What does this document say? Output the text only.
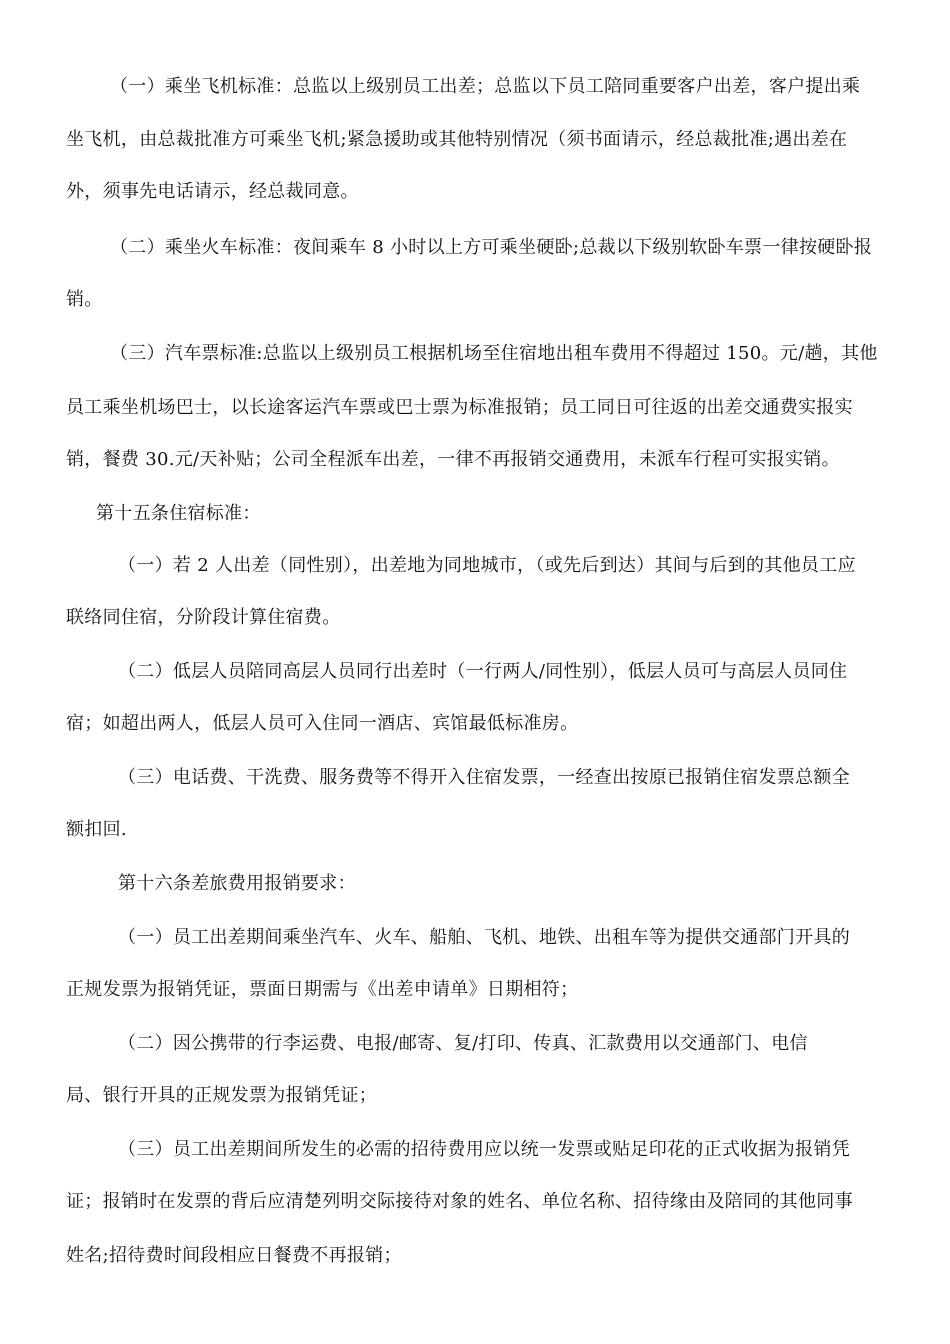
（一）乘坐飞机标准：总监以上级别员工出差；总监以下员工陪同重要客户出差，客户提出乘
坐飞机，由总裁批准方可乘坐飞机;紧急援助或其他特别情况（须书面请示，经总裁批准;遇出差在
外，须事先电话请示，经总裁同意。
（二）乘坐火车标准：夜间乘车 8 小时以上方可乘坐硬卧;总裁以下级别软卧车票一律按硬卧报
销。
（三）汽车票标准:总监以上级别员工根据机场至住宿地出租车费用不得超过 150。元/趟，其他
员工乘坐机场巴士，以长途客运汽车票或巴士票为标准报销；员工同日可往返的出差交通费实报实
销，餐费 30.元/天补贴；公司全程派车出差，一律不再报销交通费用，未派车行程可实报实销。
第十五条住宿标准：
（一）若 2 人出差（同性别），出差地为同地城市，（或先后到达）其间与后到的其他员工应
联络同住宿，分阶段计算住宿费。
（二）低层人员陪同高层人员同行出差时（一行两人/同性别），低层人员可与高层人员同住
宿；如超出两人，低层人员可入住同一酒店、宾馆最低标准房。
（三）电话费、干洗费、服务费等不得开入住宿发票，一经查出按原已报销住宿发票总额全
额扣回.
第十六条差旅费用报销要求：
（一）员工出差期间乘坐汽车、火车、船舶、飞机、地铁、出租车等为提供交通部门开具的
正规发票为报销凭证，票面日期需与《出差申请单》日期相符；
（二）因公携带的行李运费、电报/邮寄、复/打印、传真、汇款费用以交通部门、电信
局、银行开具的正规发票为报销凭证；
（三）员工出差期间所发生的必需的招待费用应以统一发票或贴足印花的正式收据为报销凭
证；报销时在发票的背后应清楚列明交际接待对象的姓名、单位名称、招待缘由及陪同的其他同事
姓名;招待费时间段相应日餐费不再报销；
